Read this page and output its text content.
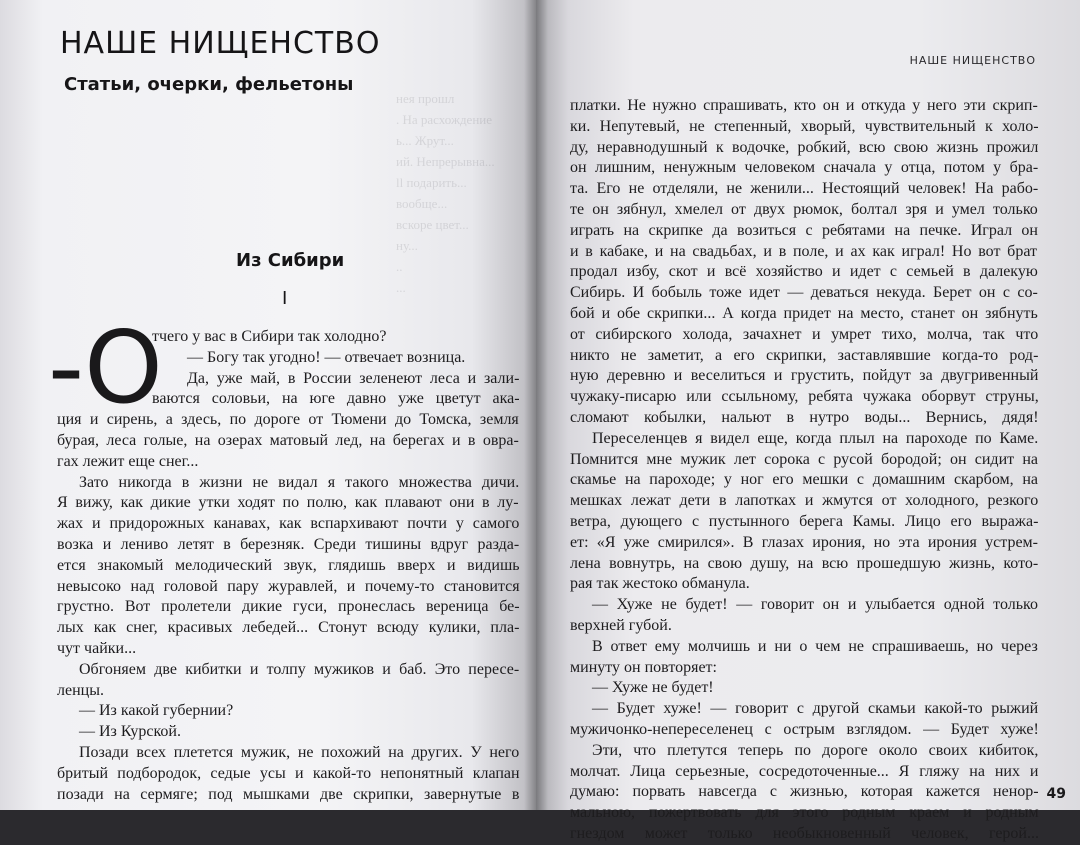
НАШЕ НИЩЕНСТВО
Статьи, очерки, фельетоны
нея прошл
. На расхождение
ь... Жрут...
ий. Непрерывна...
ll подарить...
вообще...
вскоре цвет...
ну...
..
...

Из Сибири
I
-О
тчего у вас в Сибири так холодно?
— Богу так угодно! — отвечает возница.
Да, уже май, в России зеленеют леса и зали-
ваются соловьи, на юге давно уже цветут ака-
ция и сирень, а здесь, по дороге от Тюмени до Томска, земля
бурая, леса голые, на озерах матовый лед, на берегах и в овра-
гах лежит еще снег...
Зато никогда в жизни не видал я такого множества дичи.
Я вижу, как дикие утки ходят по полю, как плавают они в лу-
жах и придорожных канавах, как вспархивают почти у самого
возка и лениво летят в березняк. Среди тишины вдруг разда-
ется знакомый мелодический звук, глядишь вверх и видишь
невысоко над головой пару журавлей, и почему-то становится
грустно. Вот пролетели дикие гуси, пронеслась вереница бе-
лых как снег, красивых лебедей... Стонут всюду кулики, пла-
чут чайки...
Обгоняем две кибитки и толпу мужиков и баб. Это пересе-
ленцы.
— Из какой губернии?
— Из Курской.
Позади всех плетется мужик, не похожий на других. У него
бритый подбородок, седые усы и какой-то непонятный клапан
позади на сермяге; под мышками две скрипки, завернутые в
НАШЕ НИЩЕНСТВО
платки. Не нужно спрашивать, кто он и откуда у него эти скрип-
ки. Непутевый, не степенный, хворый, чувствительный к холо-
ду, неравнодушный к водочке, робкий, всю свою жизнь прожил
он лишним, ненужным человеком сначала у отца, потом у бра-
та. Его не отделяли, не женили... Нестоящий человек! На рабо-
те он зябнул, хмелел от двух рюмок, болтал зря и умел только
играть на скрипке да возиться с ребятами на печке. Играл он
и в кабаке, и на свадьбах, и в поле, и ах как играл! Но вот брат
продал избу, скот и всё хозяйство и идет с семьей в далекую
Сибирь. И бобыль тоже идет — деваться некуда. Берет он с со-
бой и обе скрипки... А когда придет на место, станет он зябнуть
от сибирского холода, зачахнет и умрет тихо, молча, так что
никто не заметит, а его скрипки, заставлявшие когда-то род-
ную деревню и веселиться и грустить, пойдут за двугривенный
чужаку-писарю или ссыльному, ребята чужака оборвут струны,
сломают кобылки, нальют в нутро воды... Вернись, дядя!
Переселенцев я видел еще, когда плыл на пароходе по Каме.
Помнится мне мужик лет сорока с русой бородой; он сидит на
скамье на пароходе; у ног его мешки с домашним скарбом, на
мешках лежат дети в лапотках и жмутся от холодного, резкого
ветра, дующего с пустынного берега Камы. Лицо его выража-
ет: «Я уже смирился». В глазах ирония, но эта ирония устрем-
лена вовнутрь, на свою душу, на всю прошедшую жизнь, кото-
рая так жестоко обманула.
— Хуже не будет! — говорит он и улыбается одной только
верхней губой.
В ответ ему молчишь и ни о чем не спрашиваешь, но через
минуту он повторяет:
— Хуже не будет!
— Будет хуже! — говорит с другой скамьи какой-то рыжий
мужичонко-непереселенец с острым взглядом. — Будет хуже!
Эти, что плетутся теперь по дороге около своих кибиток,
молчат. Лица серьезные, сосредоточенные... Я гляжу на них и
думаю: порвать навсегда с жизнью, которая кажется ненор-
мальною, пожертвовать для этого родным краем и родным
гнездом может только необыкновенный человек, герой...
49
